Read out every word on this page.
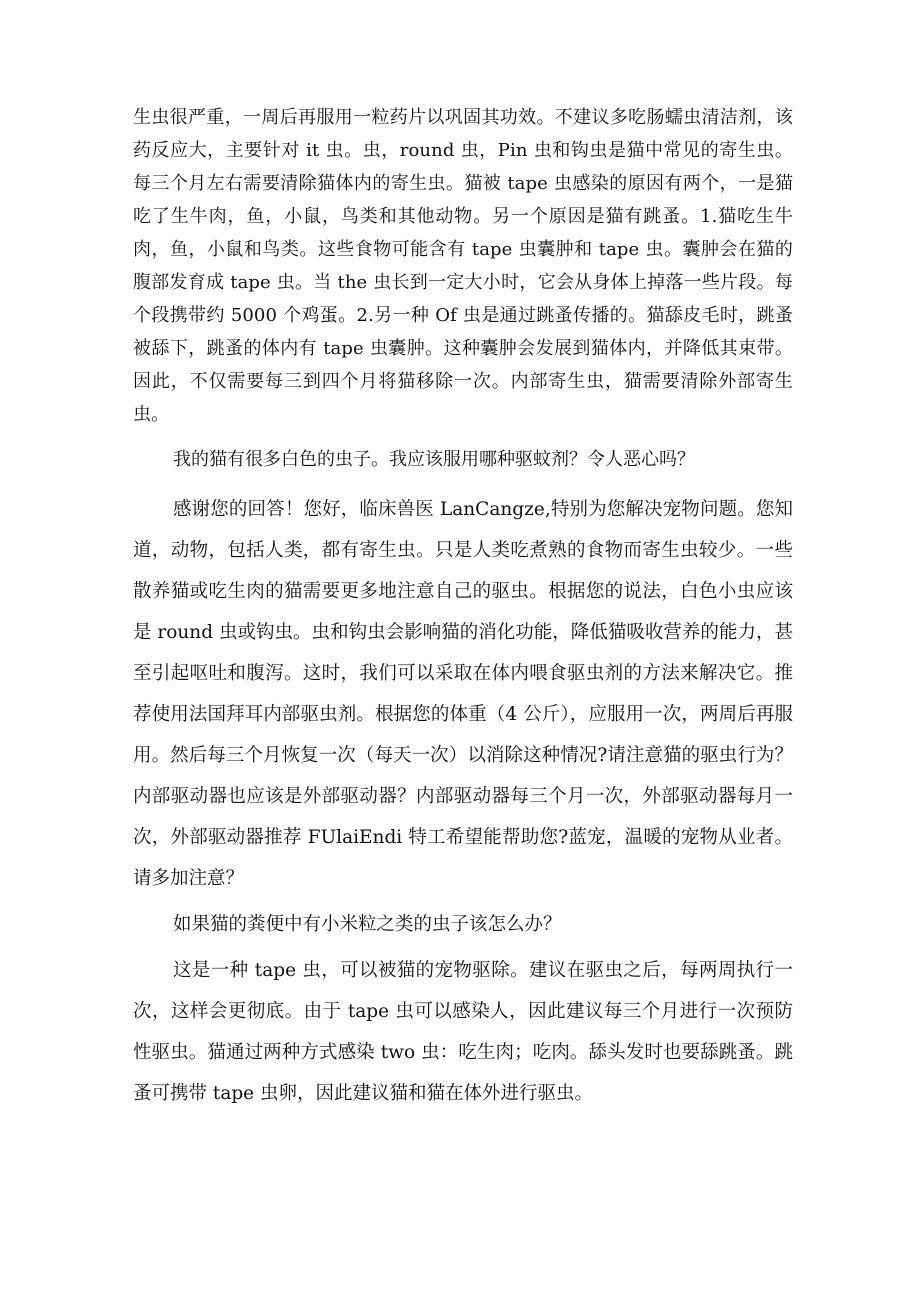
生虫很严重，一周后再服用一粒药片以巩固其功效。不建议多吃肠蠕虫清洁剂，该药反应大，主要针对 it 虫。虫，round 虫，Pin 虫和钩虫是猫中常见的寄生虫。每三个月左右需要清除猫体内的寄生虫。猫被 tape 虫感染的原因有两个，一是猫吃了生牛肉，鱼，小鼠，鸟类和其他动物。另一个原因是猫有跳蚤。1.猫吃生牛肉，鱼，小鼠和鸟类。这些食物可能含有 tape 虫囊肿和 tape 虫。囊肿会在猫的腹部发育成 tape 虫。当 the 虫长到一定大小时，它会从身体上掉落一些片段。每个段携带约 5000 个鸡蛋。2.另一种 Of 虫是通过跳蚤传播的。猫舔皮毛时，跳蚤被舔下，跳蚤的体内有 tape 虫囊肿。这种囊肿会发展到猫体内，并降低其束带。因此，不仅需要每三到四个月将猫移除一次。内部寄生虫，猫需要清除外部寄生虫。

我的猫有很多白色的虫子。我应该服用哪种驱蚊剂？令人恶心吗？

感谢您的回答！您好，临床兽医 LanCangze,特别为您解决宠物问题。您知道，动物，包括人类，都有寄生虫。只是人类吃煮熟的食物而寄生虫较少。一些散养猫或吃生肉的猫需要更多地注意自己的驱虫。根据您的说法，白色小虫应该是 round 虫或钩虫。虫和钩虫会影响猫的消化功能，降低猫吸收营养的能力，甚至引起呕吐和腹泻。这时，我们可以采取在体内喂食驱虫剂的方法来解决它。推荐使用法国拜耳内部驱虫剂。根据您的体重（4 公斤），应服用一次，两周后再服用。然后每三个月恢复一次（每天一次）以消除这种情况?请注意猫的驱虫行为？内部驱动器也应该是外部驱动器？内部驱动器每三个月一次，外部驱动器每月一次，外部驱动器推荐 FUlaiEndi 特工希望能帮助您?蓝宠，温暖的宠物从业者。请多加注意？

如果猫的粪便中有小米粒之类的虫子该怎么办？

这是一种 tape 虫，可以被猫的宠物驱除。建议在驱虫之后，每两周执行一次，这样会更彻底。由于 tape 虫可以感染人，因此建议每三个月进行一次预防性驱虫。猫通过两种方式感染 two 虫：吃生肉；吃肉。舔头发时也要舔跳蚤。跳蚤可携带 tape 虫卵，因此建议猫和猫在体外进行驱虫。
